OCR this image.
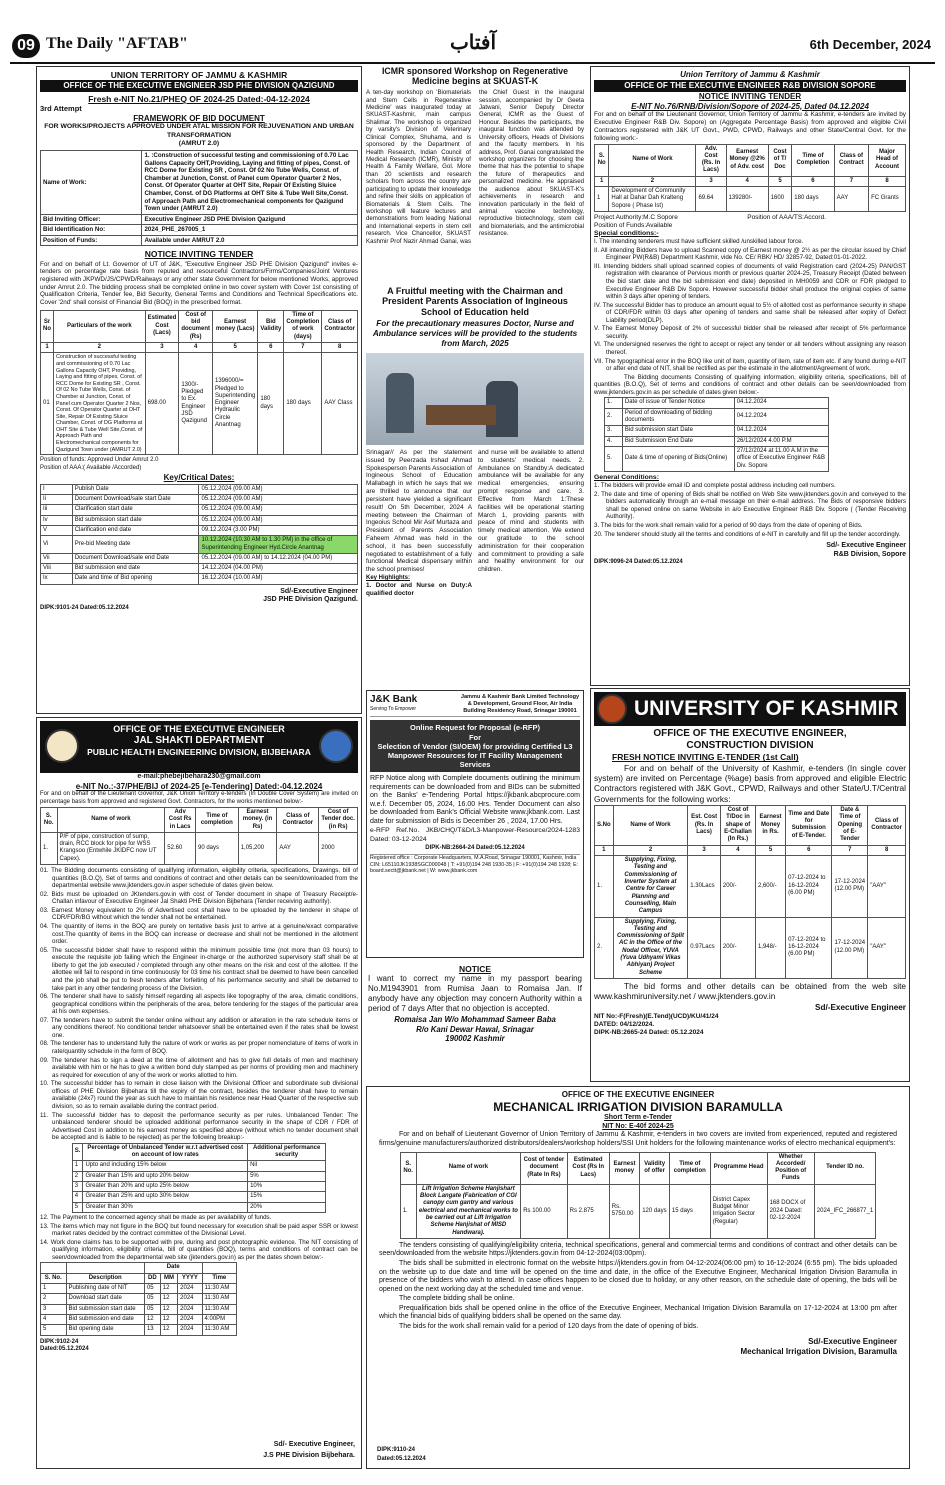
09 The Daily "AFTAB"	آفتاب	6th December, 2024
UNION TERRITORY OF JAMMU & KASHMIR
OFFICE OF THE EXECUTIVE ENGINEER JSD PHE DIVISION QAZIGUND
Fresh e-NIT No.21/PHEQ OF 2024-25 Dated:-04-12-2024
3rd Attempt
FRAMEWORK OF BID DOCUMENT
FOR WORKS/PROJECTS APPROVED UNDER ATAL MISSION FOR REJUVENATION AND URBAN TRANSFORMATION
(AMRUT 2.0)
Name of Work:	1. :Construction of successful testing and commissioning of 0.70 Lac Gallons Capacity OHT,Providing, Laying and fitting of pipes, Const. of RCC Dome for Existing SR , Const. Of 02 No Tube Wells, Const. of Chamber at Junction, Const. of Panel cum Operator Quarter 2 Nos, Const. Of Operator Quarter at OHT Site, Repair Of Existing Sluice Chamber, Const. of DG Platforms at OHT Site & Tube Well Site,Const. of Approach Path and Electromechanical components for Qazigund Town under (AMRUT 2.0)
Bid Inviting Officer:	Executive Engineer JSD PHE Division Qazigund
Bid Identification No:	2024_PHE_267005_1
Position of Funds:	Available under AMRUT 2.0
NOTICE INVITING TENDER

For and on behalf of Lt. Governor of UT of J&K, "Executive Engineer JSD PHE Division Qazigund" invites e-tenders on percentage rate basis from reputed and resourceful Contractors/Firms/Companies/Joint Ventures registered with JKPWD/JS/CPWD/Railways or any other state Government for below mentioned Works, approved under Amrut 2.0. The bidding process shall be completed online in two cover system with Cover 1st consisting of Qualification Criteria, Tender fee, Bid Security, General Terms and Conditions and Technical Specifications etc. Cover '2nd' shall consist of Financial Bid (BOQ) in the prescribed format.

Sr No	Particulars of the work	Estimated Cost (Lacs)	Cost of bid document (Rs)	Earnest money (Lacs)	Bid Validity	Time of Completion of work (days)	Class of Contractor
1	2	3	4	5	6	7	8
01	Construction of successful testing and commissioning of 0.70 Lac Gallons Capacity OHT, Providing, Laying and fitting of pipes, Const. of RCC Dome for Existing SR , Const. Of 02 No Tube Wells, Const. of Chamber at Junction, Const. of Panel cum Operator Quarter 2 Nos, Const. Of Operator Quarter at OHT Site, Repair Of Existing Sluice Chamber, Const. of DG Platforms at OHT Site & Tube Well Site,Const. of Approach Path and Electromechanical components for Qazigund Town under (AMRUT 2.0)	698.00	1300/- Pledged to Ex. Engineer JSD Qazigund	1396000/= Pledged to Superintending Engineer Hydraulic Circle Anantnag	180 days	180 days	AAY Class
Position of funds: Approved Under Amrut 2.0
Position of AAA:( Available /Accorded)
Key/Critical Dates:
I	Publish Date	05.12.2024 (09.00 AM)
Ii	Document Download/sale start Date	05.12.2024 (09.00 AM)
Iii	Clarification start date	05.12.2024 (09.00 AM)
Iv	Bid submission start date	05.12.2024 (09.00 AM)
V	Clarification end date	09.12.2024 (3.00 PM)
Vi	Pre-bid Meeting date	10.12.2024 (10.30 AM to 1.30 PM) in the office of Superintending Engineer Hyd.Circle Anantnag
Vii	Document Download/sale end Date	05.12.2024 (09.00 AM) to 14.12.2024 (04.00 PM)
Viii	Bid submission end date	14.12.2024 (04.00 PM)
Ix	Date and time of Bid opening	16.12.2024 (10.00 AM)
Sd/-Executive Engineer
JSD PHE Division Qazigund.
DIPK:9101-24 Dated:05.12.2024
OFFICE OF THE EXECUTIVE ENGINEER
JAL SHAKTI DEPARTMENT
PUBLIC HEALTH ENGINEERING DIVISION, BIJBEHARA
e-mail:phebejibehara230@gmail.com
e-NIT No.:-37/PHE/BIJ of 2024-25 [e-Tendering] Dated:-04.12.2024

For and on behalf of the Lieutenant Governor, J&K Union Territory e-tenders (In Double Cover System) are invited on percentage basis from approved and registered Govt. Contractors, for the works mentioned below:-

S. No.	Name of work	Adv Cost Rs in Lacs	Time of completion	Earnest money. (in Rs)	Class of Contractor	Cost of Tender doc. (in Rs)
1.	P/F of pipe, construction of sump, drain, RCC block for pipe for WSS Krangsoo (Entwhile JKIDFC now UT Capex).	52.60	90 days	1,05,200	AAY	2000
01. The Bidding documents consisting of qualifying information, eligibility criteria, specifications, Drawings, bill of quantities (B.O.Q), Set of terms and conditions of contract and other details can be seen/downloaded from the departmental website www.jktenders.gov.in asper schedule of dates given below.
02. Bids must be uploaded on JKtenders.gov.in with cost of Tender document in shape of Treasury Receipt/e-Challan infavour of Executive Engineer Jal Shakti PHE Division Bijbehara (Tender receiving authority).
03. Earnest Money equivalent to 2% of Advertised cost shall have to be uploaded by the tenderer in shape of CDR/FDR/BG without which the tender shall not be entertained.
04. The quantity of items in the BOQ are purely on tentative basis just to arrive at a genuine/exact comparative cost.The quantity of items in the BOQ can increase or decrease and shall not be mentioned in the allotment order.
05. The successful bidder shall have to respond within the minimum possible time (not more than 03 hours) to execute the requisite job failing which the Engineer in-charge or the authorized supervisory staff shall be at liberty to get the job executed / completed through any other means on the risk and cost of the allottee. If the allottee will fail to respond in time continuously for 03 time his contract shall be deemed to have been cancelled and the job shall be put to fresh tenders after forfeiting of his performance security and shall be debarred to take part in any other tendering process of the Division.
06. The tenderer shall have to satisfy himself regarding all aspects like topography of the area, climatic conditions, geographical conditions within the peripherals of the area, before tendering for the stages of the particular area at his own expenses.
07. The tenderers have to submit the tender online without any addition or alteration in the rate schedule items or any conditions thereof. No conditional tender whatsoever shall be entertained even if the rates shall be lowest one.
08. The tenderer has to understand fully the nature of work or works as per proper nomenclature of items of work in rate/quantity schedule in the form of BOQ.
09. The tenderer has to sign a deed at the time of allotment and has to give full details of men and machinery available with him or he has to give a written bond duly stamped as per norms of providing men and machinery as required for execution of any of the work or works allotted to him.
10. The successful bidder has to remain in close liaison with the Divisional Officer and subordinate sub divisional offices of PHE Division Bijbehara till the expiry of the contract, besides the tenderer shall have to remain available (24x7) round the year as such have to maintain his residence near Head Quarter of the respective sub division, so as to remain available during the contract period.
11. The successful bidder has to deposit the performance security as per rules. Unbalanced Tender: The unbalanced tenderer should be uploaded additional performance security in the shape of CDR / FDR of Advertised Cost in addition to his earnest money as specified above (without which no tender document shall be accepted and is liable to be rejected) as per the following breakup:-
S.	Percentage of Unbalanced Tender w.r.t advertised cost on account of low rates	Additional performance security
1	Upto and including 15% below	Nil
2	Greater than 15% and upto 20% below	5%
3	Greater than 20% and upto 25% below	10%
4	Greater than 25% and upto 30% below	15%
5	Greater than 30%	20%
12. The Payment to the concerned agency shall be made as per availability of funds.
13. The items which may not figure in the BOQ but found necessary for execution shall be paid asper SSR or lowest market rates decided by the contract committee of the Divisional Level.
14. Work done claims has to be supported with pre, during and post photographic evidence. The NIT consisting of qualifying information, eligibility criteria, bill of quantities (BOQ), terms and conditions of contract can be seen/downloaded from the departmental web site (jktenders.gov.in) as per the dates shown below:-
		Date			
S. No.	Description	DD	MM	YYYY	Time
1	Publishing date of NIT	05	12	2024	11:30 AM
2	Download start date	05	12	2024	11:30 AM
3	Bid submission start date	05	12	2024	11:30 AM
4	Bid submission end date	12	12	2024	4:00PM
5	Bid opening date	13	12	2024	11:30 AM
DIPK:9102-24
Dated:05.12.2024
Sd/- Executive Engineer,
J.S PHE Division Bijbehara.
ICMR sponsored Workshop on Regenerative Medicine begins at SKUAST-K

A ten-day workshop on 'Biomaterials and Stem Cells in Regenerative Medicine' was inaugurated today at SKUAST-Kashmir, main campus Shalimar. The workshop is organized by varsity's Division of Veterinary Clinical Complex, Shuhama, and is sponsored by the Department of Health Research, Indian Council of Medical Research (ICMR), Ministry of Health & Family Welfare, GoI. More than 20 scientists and research scholars from across the country are participating to update their knowledge and refine their skills on application of Biomaterials & Stem Cells. The workshop will feature lectures and demonstrations from leading National and International experts in stem cell research. Vice Chancellor, SKUAST Kashmir Prof Nazir Ahmad Ganai, was the Chief Guest in the inaugural session, accompanied by Dr Geeta Jatwani, Senior Deputy Director General, ICMR as the Guest of Honour. Besides the participants, the inaugural function was attended by University officers, Heads of Divisions and the faculty members. In his address, Prof. Ganai congratulated the workshop organizers for choosing the theme that has the potential to shape the future of therapeutics and personalized medicine. He appraised the audience about SKUAST-K's achievements in research and innovation particularly in the field of animal vaccine technology, reproductive biotechnology, stem cell and biomaterials, and the antimicrobial resistance.

A Fruitful meeting with the Chairman and President Parents Association of Ingineous School of Education held
For the precautionary measures Doctor, Nurse and Ambulance services will be provided to the students from March, 2025

Srinagar// As per the statement issued by Peerzada Irshad Ahmad Spokesperson Parents Association of Ingineous School of Education Mallabagh in which he says that we are thrilled to announce that our persistent have yielded a significant result! On 5th December, 2024 A meeting between the Chairman of Ingeoius School Mir Asif Murtaza and President of Parents Association Faheem Ahmad was held in the school, it has been successfully negotiated to establishment of a fully functional Medical dispensary within the school premises!

Key Highlights:

1. Doctor and Nurse on Duty:A qualified doctor

and nurse will be available to attend to students' medical needs. 2. Ambulance on Standby:A dedicated ambulance will be available for any medical emergencies, ensuring prompt response and care. 3. Effective from March 1:These facilities will be operational starting March 1, providing parents with peace of mind and students with timely medical attention. We extend our gratitude to the school administration for their cooperation and commitment to providing a safe and healthy environment for our children.

J&K Bank
Serving To Empower
Jammu & Kashmir Bank Limited Technology & Development, Ground Floor, Air India Building Residency Road, Srinagar 190001
Online Request for Proposal (e-RFP)
For
Selection of Vendor (SI/OEM) for providing Certified L3 Manpower Resources for IT Facility Management Services

RFP Notice along with Complete documents outlining the minimum requirements can be downloaded from and BIDs can be submitted on the Banks' e-Tendering Portal https://jkbank.abcprocure.com w.e.f. December 05, 2024, 16.00 Hrs. Tender Document can also be downloaded from Bank's Official Website www.jkbank.com. Last date for submission of Bids is December 26 , 2024, 17.00 Hrs.

e-RFP Ref.No. JKB/CHQ/T&D/L3-Manpower-Resource/2024-1283 Dated: 03-12-2024

DIPK-NB:2664-24 Dated:05.12.2024
Registered office : Corporate Headquarters, M.A.Road, Srinagar 190001, Kashmir, India CIN: L65110JK1938SGC000048 | T: +91(0)194 248 1930-35 | F: +91(0)194 248 1928; E: board.sectt@jkbank.net | W: www.jkbank.com
NOTICE

I want to correct my name in my passport bearing No.M1943901 from Rumisa Jaan to Romaisa Jan. If anybody have any objection may concern Authority within a period of 7 days After that no objection is accepted.

Romaisa Jan W/o Mohammad Sameer Baba
R/o Kani Dewar Hawal, Srinagar
190002 Kashmir
Union Territory of Jammu & Kashmir
OFFICE OF THE EXECUTIVE ENGINEER R&B DIVISION SOPORE
NOTICE INVITING TENDER
E-NIT No.76/RNB/Division/Sopore of 2024-25, Dated 04.12.2024

For and on behalf of the Lieutenant Governor, Union Territory of Jammu & Kashmir, e-tenders are invited by Executive Engineer R&B Div. Sopore) on (Aggregate Percentage Basis) from approved and eligible Civil Contractors registered with J&K UT Govt., PWD, CPWD, Railways and other State/Central Govt. for the following work:-

S. No	Name of Work	Adv. Cost (Rs. In Lacs)	Earnest Money @2% of Adv. cost	Cost of T/ Doc	Time of Completion	Class of Contract	Major Head of Account
1	2	3	4	5	6	7	8
1	Development of Community Hall at Dahar Dah Kralteng Sopore ( Phase Ist)	69.64	139280/-	1600	180 days	AAY	FC Grants
Project Authority:M.C Sopore	Position of AAA/TS:Accord.
Position of Funds:Available
Special conditions:-
I. The intending tenderers must have sufficient skilled /unskilled labour force.
II. All intending Bidders have to upload Scanned copy of Earnest money @ 2½ as per the circular issued by Chief Engineer PW(R&B) Department Kashmir, vide No. CE/ RBK/ HD/ 32857-92, Dated:01-01-2022.
III. Intending bidders shall upload scanned copies of documents of valid Registration card (2024-25) PAN/GST registration with clearance of Pervious month or previous quarter 2024-25, Treasury Receipt (Dated between the bid start date and the bid submission end date) deposited in MH0059 and CDR or FDR pledged to Executive Engineer R&B Div Sopore. However successful bidder shall produce the original copies of same within 3 days after opening of tenders.
IV. The successful Bidder has to produce an amount equal to 5½ of allotted cost as performance security in shape of CDR/FDR within 03 days after opening of tenders and same shall be released after expiry of Defect Liability period(DLP).
V. The Earnest Money Deposit of 2% of successful bidder shall be released after receipt of 5% performance security.
VI. The undersigned reserves the right to accept or reject any tender or all tenders without assigning any reason thereof.
VII. The typographical error in the BOQ like unit of item, quantity of item, rate of item etc. if any found during e-NIT or after end date of NIT, shall be rectified as per the estimate in the allotment/Agreement of work.

The Bidding documents Consisting of qualifying information, eligibility criteria, specifications, bill of quantities (B.O.Q), Set of terms and conditions of contract and other details can be seen/downloaded from www.jktenders.gov.in as per schedule of dates given below:-

1.	Date of issue of Tender Notice	04.12.2024
2.	Period of downloading of bidding documents	04.12.2024
3.	Bid submission start Date	04.12.2024
4.	Bid Submission End Date	26/12/2024 4.00 P.M
5.	Date & time of opening of Bids(Online)	27/12/2024 at 11.00 A.M in the office of Executive Engineer R&B Div. Sopore
General Conditions:
1. The bidders will provide email ID and complete postal address including cell numbers.
2. The date and time of opening of Bids shall be notified on Web Site www.jktenders.gov.in and conveyed to the bidders automatically through an e-mail message on their e-mail address. The Bids of responsive bidders shall be opened online on same Website in a/o Executive Engineer R&B Div. Sopore ( (Tender Receiving Authority).
3. The bids for the work shall remain valid for a period of 90 days from the date of opening of Bids.
20. The tenderer should study all the terms and conditions of e-NIT in carefully and fill up the tender accordingly.
Sd/- Executive Engineer
R&B Division, Sopore
DIPK:9096-24 Dated:05.12.2024
UNIVERSITY OF KASHMIR
OFFICE OF THE EXECUTIVE ENGINEER,
CONSTRUCTION DIVISION
FRESH NOTICE INVITING E-TENDER (1st Call)

For and on behalf of the University of Kashmir, e-tenders (In single cover system) are invited on Percentage (%age) basis from approved and eligible Electric Contractors registered with J&K Govt., CPWD, Railways and other State/U.T/Central Governments for the following works:

S.No	Name of Work	Est. Cost (Rs. In Lacs)	Cost of T/Doc in shape of E-Challan (In Rs.)	Earnest Money in Rs.	Time and Date for Submission of E-Tender.	Date & Time of Opening of E-Tender	Class of Contractor
1	2	3	4	5	6	7	8
1.	Supplying, Fixing, Testing and Commissioning of Inverter System at Centre for Career Planning and Counselling, Main Campus	1.30Lacs	200/-	2,600/-	07-12-2024 to 16-12-2024 (6.00 PM)	17-12-2024 (12.00 PM)	"AAY"
2.	Supplying, Fixing, Testing and Commissioning of Split AC in the Office of the Nodal Officer, YUVA (Yuva Udhyami Vikas Abhiyan) Project Scheme	0.97Lacs	200/-	1,948/-	07-12-2024 to 16-12-2024 (6.00 PM)	17-12-2024 (12.00 PM)	"AAY"

The bid forms and other details can be obtained from the web site www.kashmiruniversity.net / www.jktenders.gov.in

Sd/-Executive Engineer
NIT No:-F(Fresh)(E.Tend)(UCD)/KU/41/24
DATED: 04/12/2024.
DIPK-NB:2665-24 Dated: 05.12.2024
OFFICE OF THE EXECUTIVE ENGINEER
MECHANICAL IRRIGATION DIVISION BARAMULLA
Short Term e-Tender
NIT No: E-40f 2024-25

For and on behalf of Lieutenant Governor of Union Territory of Jammu & Kashmir, e-tenders in two covers are invited from experienced, reputed and registered firms/genuine manufacturers/authorized distributors/dealers/workshop holders/SSI Unit holders for the following maintenance works of electro mechanical equipment's:

S. No.	Name of work	Cost of tender document (Rate In Rs)	Estimated Cost (Rs In Lacs)	Earnest money	Validity of offer	Time of completion	Programme Head	Whether Accorded/ Position of Funds	Tender ID no.
1.	Lift Irrigation Scheme Hanjishart Block Langate (Fabrication of CGI canopy cum gantry and various electrical and mechanical works to be carried out at Lift Irrigation Scheme Hanjishat of MISD Handwara).	Rs 100.00	Rs 2.875	Rs. 5750.00	120 days	15 days	District Capex Budget Minor Irrigation Sector (Regular)	168 DOCX of 2024 Dated: 02-12-2024	2024_IFC_266877_1

The tenders consisting of qualifying/eligibility criteria, technical specifications, general and commercial terms and conditions of contract and other details can be seen/downloaded from the website https://jktenders.gov.in from 04-12-2024(03:00pm).

The bids shall be submitted in electronic format on the website https://jktenders.gov.in from 04-12-2024(06:00 pm) to 16-12-2024 (6:55 pm). The bids uploaded on the website up to due date and time will be opened on the time and date, in the office of the Executive Engineer, Mechanical Irrigation Division Baramulla in presence of the bidders who wish to attend. In case offices happen to be closed due to holiday, or any other reason, on the schedule date of opening, the bids will be opened on the next working day at the scheduled time and venue.

The complete bidding shall be online.

Prequalification bids shall be opened online in the office of the Executive Engineer, Mechanical Irrigation Division Baramulla on 17-12-2024 at 13:00 pm after which the financial bids of qualifying bidders shall be opened on the same day.

The bids for the work shall remain valid for a period of 120 days from the date of opening of bids.

Sd/-Executive Engineer
Mechanical Irrigation Division, Baramulla
DIPK:9110-24
Dated:05.12.2024
